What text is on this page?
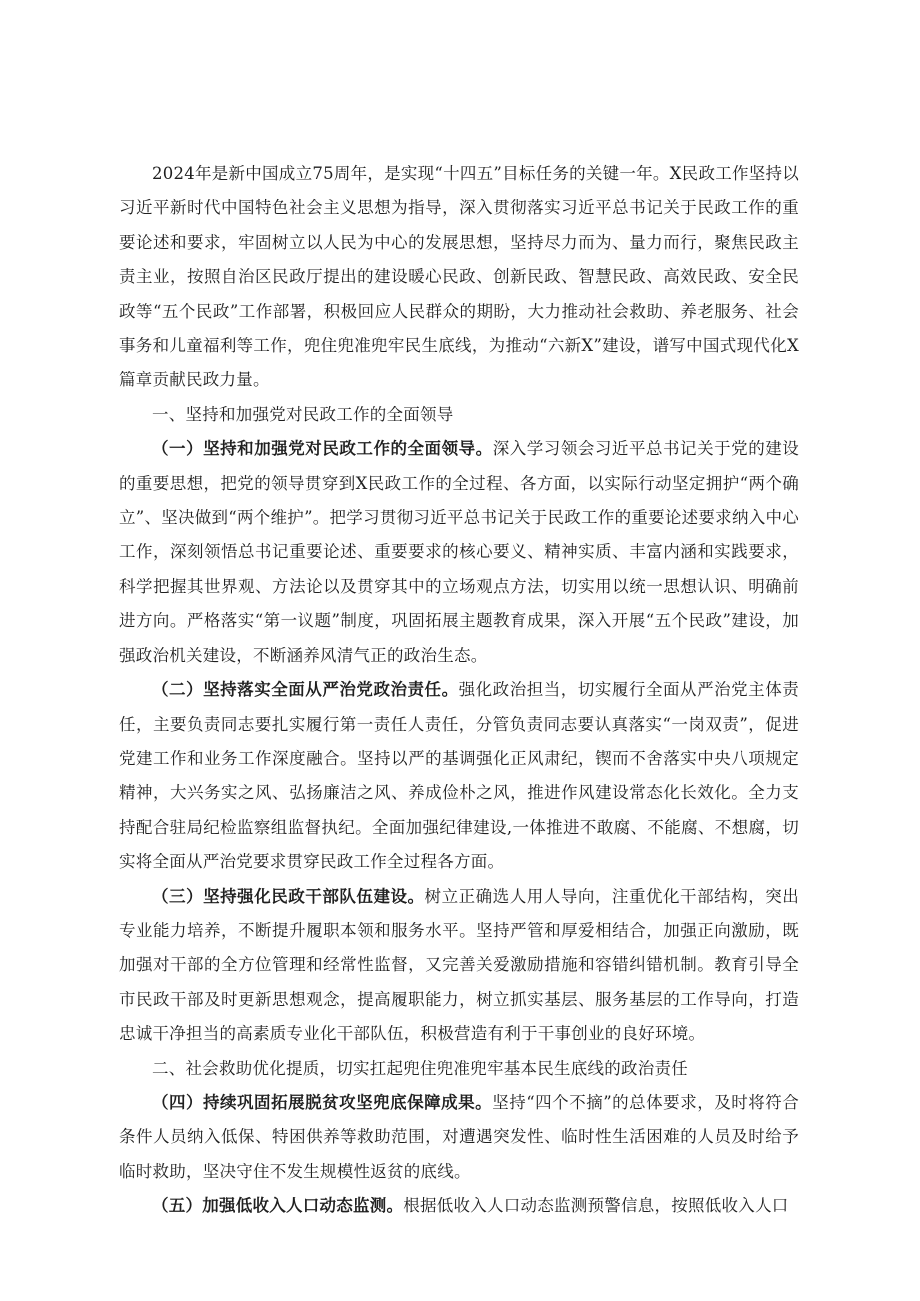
2024年是新中国成立75周年，是实现“十四五”目标任务的关键一年。X民政工作坚持以习近平新时代中国特色社会主义思想为指导，深入贯彻落实习近平总书记关于民政工作的重要论述和要求，牢固树立以人民为中心的发展思想，坚持尽力而为、量力而行，聚焦民政主责主业，按照自治区民政厅提出的建设暖心民政、创新民政、智慧民政、高效民政、安全民政等“五个民政”工作部署，积极回应人民群众的期盼，大力推动社会救助、养老服务、社会事务和儿童福利等工作，兜住兜准兜牢民生底线，为推动“六新X”建设，谱写中国式现代化X篇章贡献民政力量。

一、坚持和加强党对民政工作的全面领导

（一）坚持和加强党对民政工作的全面领导。深入学习领会习近平总书记关于党的建设的重要思想，把党的领导贯穿到X民政工作的全过程、各方面，以实际行动坚定拥护“两个确立”、坚决做到“两个维护”。把学习贯彻习近平总书记关于民政工作的重要论述要求纳入中心工作，深刻领悟总书记重要论述、重要要求的核心要义、精神实质、丰富内涵和实践要求，科学把握其世界观、方法论以及贯穿其中的立场观点方法，切实用以统一思想认识、明确前进方向。严格落实“第一议题”制度，巩固拓展主题教育成果，深入开展“五个民政”建设，加强政治机关建设，不断涵养风清气正的政治生态。

（二）坚持落实全面从严治党政治责任。强化政治担当，切实履行全面从严治党主体责任，主要负责同志要扎实履行第一责任人责任，分管负责同志要认真落实“一岗双责”，促进党建工作和业务工作深度融合。坚持以严的基调强化正风肃纪，锲而不舍落实中央八项规定精神，大兴务实之风、弘扬廉洁之风、养成俭朴之风，推进作风建设常态化长效化。全力支持配合驻局纪检监察组监督执纪。全面加强纪律建设,一体推进不敢腐、不能腐、不想腐，切实将全面从严治党要求贯穿民政工作全过程各方面。

（三）坚持强化民政干部队伍建设。树立正确选人用人导向，注重优化干部结构，突出专业能力培养，不断提升履职本领和服务水平。坚持严管和厚爱相结合，加强正向激励，既加强对干部的全方位管理和经常性监督，又完善关爱激励措施和容错纠错机制。教育引导全市民政干部及时更新思想观念，提高履职能力，树立抓实基层、服务基层的工作导向，打造忠诚干净担当的高素质专业化干部队伍，积极营造有利于干事创业的良好环境。

二、社会救助优化提质，切实扛起兜住兜准兜牢基本民生底线的政治责任

（四）持续巩固拓展脱贫攻坚兜底保障成果。坚持“四个不摘”的总体要求，及时将符合条件人员纳入低保、特困供养等救助范围，对遭遇突发性、临时性生活困难的人员及时给予临时救助，坚决守住不发生规模性返贫的底线。

（五）加强低收入人口动态监测。根据低收入人口动态监测预警信息，按照低收入人口
